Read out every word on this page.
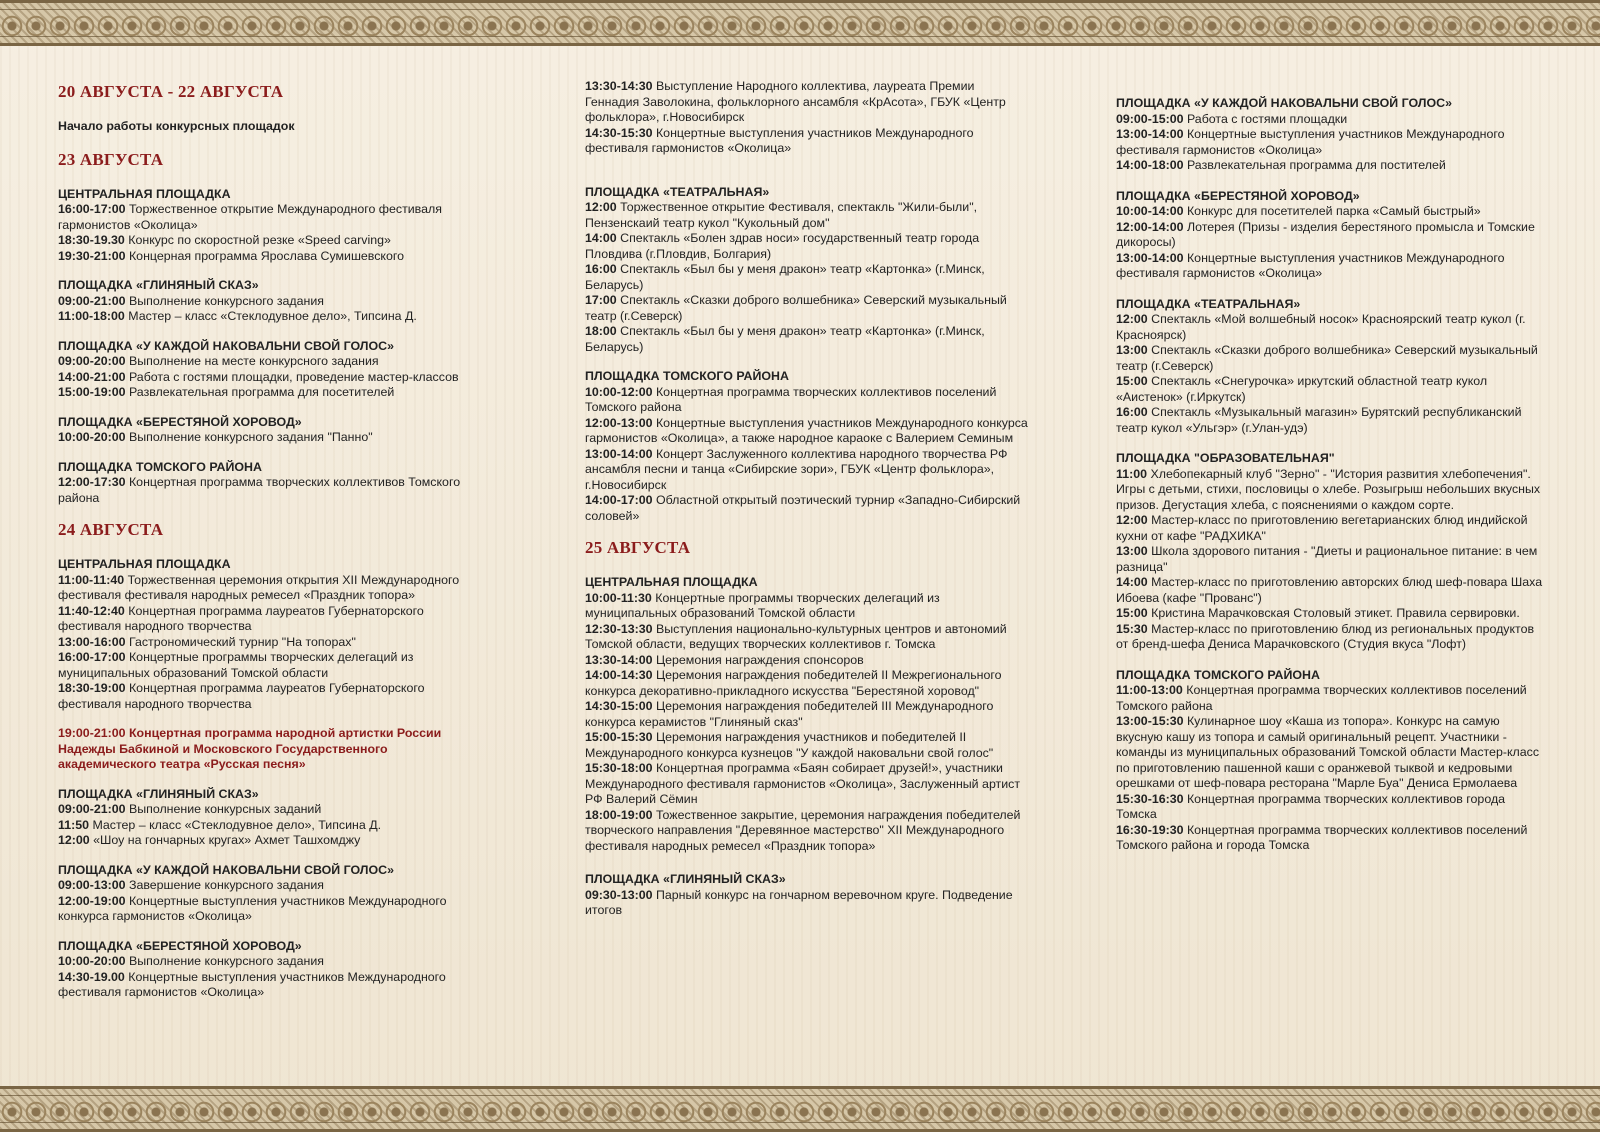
20 АВГУСТА - 22 АВГУСТА
Начало работы конкурсных площадок
23 АВГУСТА
ЦЕНТРАЛЬНАЯ ПЛОЩАДКА
16:00-17:00 Торжественное открытие Международного фестиваля гармонистов «Околица»
18:30-19.30 Конкурс по скоростной резке «Speed carving»
19:30-21:00 Концерная программа Ярослава Сумишевского
ПЛОЩАДКА «ГЛИНЯНЫЙ СКАЗ»
09:00-21:00 Выполнение конкурсного задания
11:00-18:00 Мастер – класс «Стеклодувное дело», Типсина Д.
ПЛОЩАДКА «У КАЖДОЙ НАКОВАЛЬНИ СВОЙ ГОЛОС»
09:00-20:00 Выполнение на месте конкурсного задания
14:00-21:00 Работа с гостями площадки, проведение мастер-классов
15:00-19:00 Развлекательная программа для посетителей
ПЛОЩАДКА «БЕРЕСТЯНОЙ ХОРОВОД»
10:00-20:00 Выполнение конкурсного задания "Панно"
ПЛОЩАДКА ТОМСКОГО РАЙОНА
12:00-17:30 Концертная программа творческих коллективов Томского района
24 АВГУСТА
ЦЕНТРАЛЬНАЯ ПЛОЩАДКА
11:00-11:40 Торжественная церемония открытия XII Международного фестиваля фестиваля народных ремесел «Праздник топора»
11:40-12:40 Концертная программа лауреатов Губернаторского фестиваля народного творчества
13:00-16:00 Гастрономический турнир "На топорах"
16:00-17:00 Концертные программы творческих делегаций из муниципальных образований Томской области
18:30-19:00 Концертная программа лауреатов Губернаторского фестиваля народного творчества
19:00-21:00 Концертная программа народной артистки России Надежды Бабкиной и Московского Государственного академического театра «Русская песня»
ПЛОЩАДКА «ГЛИНЯНЫЙ СКАЗ»
09:00-21:00 Выполнение конкурсных заданий
11:50 Мастер – класс «Стеклодувное дело», Типсина Д.
12:00 «Шоу на гончарных кругах» Ахмет Ташхомджу
ПЛОЩАДКА «У КАЖДОЙ НАКОВАЛЬНИ СВОЙ ГОЛОС»
09:00-13:00 Завершение конкурсного задания
12:00-19:00 Концертные выступления участников Международного конкурса гармонистов «Околица»
ПЛОЩАДКА «БЕРЕСТЯНОЙ ХОРОВОД»
10:00-20:00 Выполнение конкурсного задания
14:30-19.00 Концертные выступления участников Международного фестиваля гармонистов «Околица»
13:30-14:30 Выступление Народного коллектива, лауреата Премии Геннадия Заволокина, фольклорного ансамбля «КрАсота», ГБУК «Центр фольклора», г.Новосибирск
14:30-15:30 Концертные выступления участников Международного фестиваля гармонистов «Околица»
ПЛОЩАДКА «ТЕАТРАЛЬНАЯ»
12:00 Торжественное открытие Фестиваля, спектакль "Жили-были", Пензенскаий театр кукол "Кукольный дом"
14:00 Спектакль «Болен здрав носи» государственный театр города Пловдива (г.Пловдив, Болгария)
16:00 Спектакль «Был бы у меня дракон» театр «Картонка» (г.Минск, Беларусь)
17:00 Спектакль «Сказки доброго волшебника» Северский музыкальный театр (г.Северск)
18:00 Спектакль «Был бы у меня дракон» театр «Картонка» (г.Минск, Беларусь)
ПЛОЩАДКА ТОМСКОГО РАЙОНА
10:00-12:00 Концертная программа творческих коллективов поселений Томского района
12:00-13:00 Концертные выступления участников Международного конкурса гармонистов «Околица», а также народное караоке с Валерием Семиным
13:00-14:00 Концерт Заслуженного коллектива народного творчества РФ ансамбля песни и танца «Сибирские зори», ГБУК «Центр фольклора», г.Новосибирск
14:00-17:00 Областной открытый поэтический турнир «Западно-Сибирский соловей»
25 АВГУСТА
ЦЕНТРАЛЬНАЯ ПЛОЩАДКА
10:00-11:30 Концертные программы творческих делегаций из муниципальных образований Томской области
12:30-13:30 Выступления национально-культурных центров и автономий Томской области, ведущих творческих коллективов г. Томска
13:30-14:00 Церемония награждения спонсоров
14:00-14:30 Церемония награждения победителей II Межрегионального конкурса декоративно-прикладного искусства "Берестяной хоровод"
14:30-15:00 Церемония награждения победителей III Международного конкурса керамистов "Глиняный сказ"
15:00-15:30 Церемония награждения участников и победителей II Международного конкурса кузнецов "У каждой наковальни свой голос"
15:30-18:00 Концертная программа «Баян собирает друзей!», участники Международного фестиваля гармонистов «Околица», Заслуженный артист РФ Валерий Сёмин
18:00-19:00 Тожественное закрытие, церемония награждения победителей творческого направления "Деревянное мастерство" XII Международного фестиваля народных ремесел «Праздник топора»
ПЛОЩАДКА «ГЛИНЯНЫЙ СКАЗ»
09:30-13:00 Парный конкурс на гончарном веревочном круге. Подведение итогов
ПЛОЩАДКА «У КАЖДОЙ НАКОВАЛЬНИ СВОЙ ГОЛОС»
09:00-15:00 Работа с гостями площадки
13:00-14:00 Концертные выступления участников Международного фестиваля гармонистов «Околица»
14:00-18:00 Развлекательная программа для постителей
ПЛОЩАДКА «БЕРЕСТЯНОЙ ХОРОВОД»
10:00-14:00 Конкурс для посетителей парка «Самый быстрый»
12:00-14:00 Лотерея (Призы - изделия берестяного промысла и Томские дикоросы)
13:00-14:00 Концертные выступления участников Международного фестиваля гармонистов «Околица»
ПЛОЩАДКА «ТЕАТРАЛЬНАЯ»
12:00 Спектакль «Мой волшебный носок» Красноярский театр кукол (г. Красноярск)
13:00 Спектакль «Сказки доброго волшебника» Северский музыкальный театр (г.Северск)
15:00 Спектакль «Снегурочка» иркутский областной театр кукол «Аистенок» (г.Иркутск)
16:00 Спектакль «Музыкальный магазин» Бурятский республиканский театр кукол «Ульгэр» (г.Улан-удэ)
ПЛОЩАДКА "ОБРАЗОВАТЕЛЬНАЯ"
11:00 Хлебопекарный клуб "Зерно" - "История развития хлебопечения". Игры с детьми, стихи, пословицы о хлебе. Розыгрыш небольших вкусных призов. Дегустация хлеба, с пояснениями о каждом сорте.
12:00 Мастер-класс по приготовлению вегетарианских блюд индийской кухни от кафе "РАДХИКА"
13:00 Школа здорового питания - "Диеты и рациональное питание: в чем разница"
14:00 Мастер-класс по приготовлению авторских блюд шеф-повара Шаха Ибоева (кафе "Прованс")
15:00 Кристина Марачковская Столовый этикет. Правила сервировки.
15:30 Мастер-класс по приготовлению блюд из региональных продуктов от бренд-шефа Дениса Марачковского (Студия вкуса "Лофт)
ПЛОЩАДКА ТОМСКОГО РАЙОНА
11:00-13:00 Концертная программа творческих коллективов поселений Томского района
13:00-15:30 Кулинарное шоу «Каша из топора». Конкурс на самую вкусную кашу из топора и самый оригинальный рецепт. Участники - команды из муниципальных образований Томской области Мастер-класс по приготовлению пашенной каши с оранжевой тыквой и кедровыми орешками от шеф-повара ресторана "Марле Буа" Дениса Ермолаева
15:30-16:30 Концертная программа творческих коллективов города Томска
16:30-19:30 Концертная программа творческих коллективов поселений Томского района и города Томска
